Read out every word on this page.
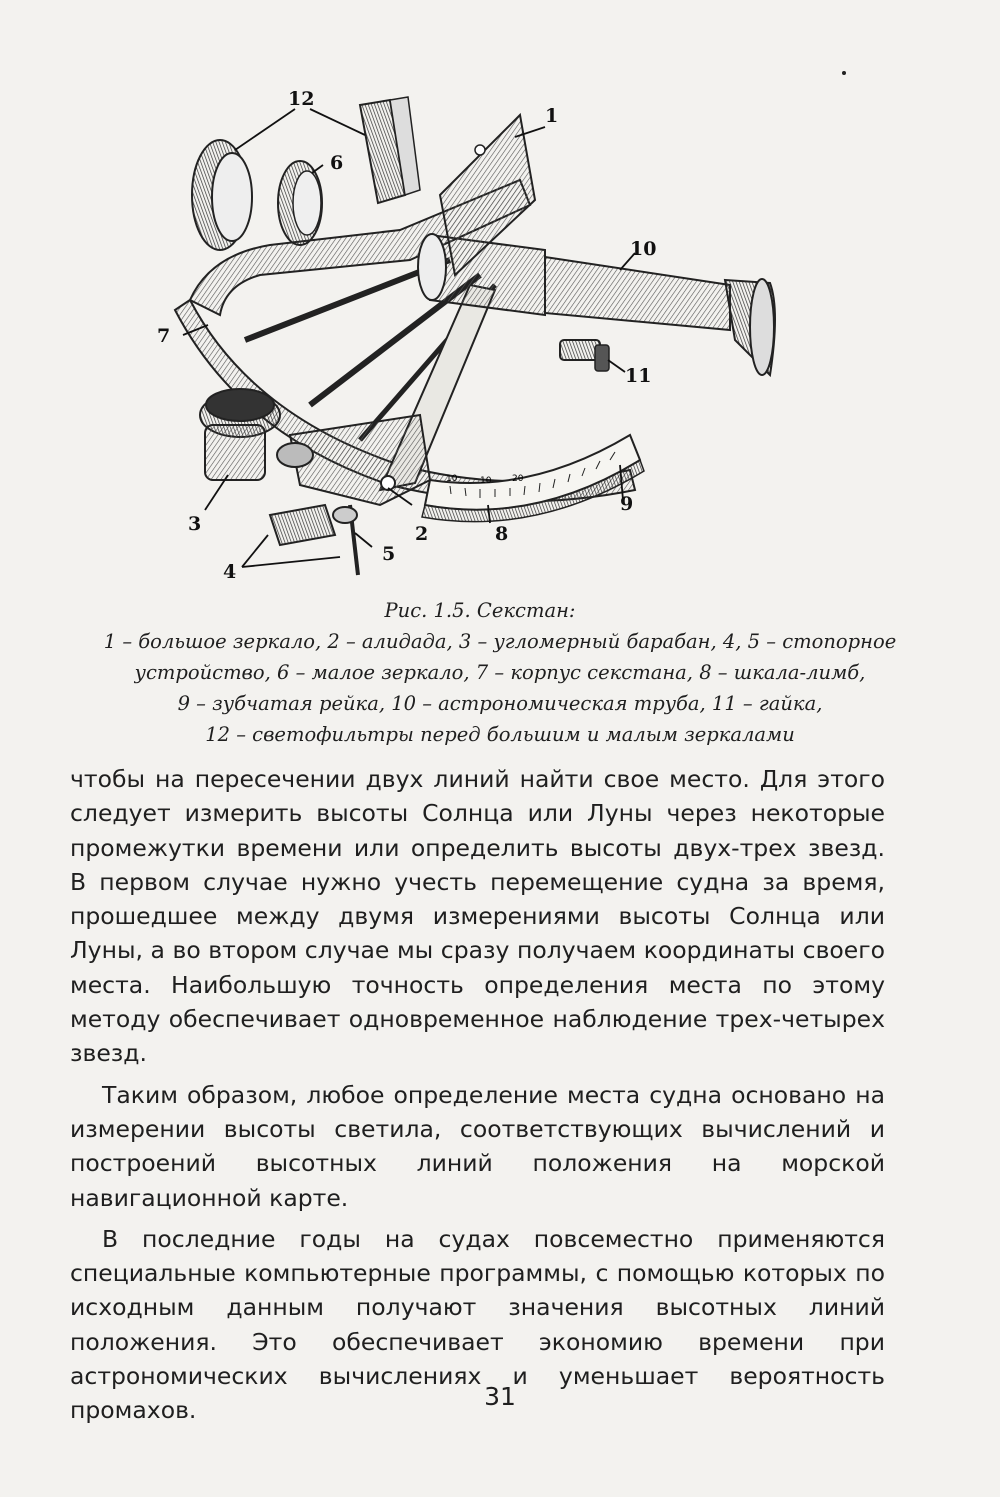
10	10 20
1
2
3
4
5
6
7
8
9
10
11
12

Рис. 1.5. Секстан:

1 – большое зеркало, 2 – алидада, 3 – угломерный барабан, 4, 5 – стопорное

устройство, 6 – малое зеркало, 7 – корпус секстана, 8 – шкала-лимб,

9 – зубчатая рейка, 10 – астрономическая труба, 11 – гайка,

12 – светофильтры перед большим и малым зеркалами

чтобы на пересечении двух линий найти свое место. Для этого следует измерить высоты Солнца или Луны через некоторые промежутки времени или определить высоты двух-трех звезд. В первом случае нужно учесть перемещение судна за время, прошедшее между двумя измерениями высоты Солнца или Луны, а во втором случае мы сразу получаем координаты своего места. Наибольшую точность определения места по этому методу обеспечивает одновременное наблюдение трех-четырех звезд.

Таким образом, любое определение места судна основано на измерении высоты светила, соответствующих вычислений и построений высотных линий положения на морской навигационной карте.

В последние годы на судах повсеместно применяются специальные компьютерные программы, с помощью которых по исходным данным получают значения высотных линий положения. Это обеспечивает экономию времени при астрономических вычислениях и уменьшает вероятность промахов.	31
